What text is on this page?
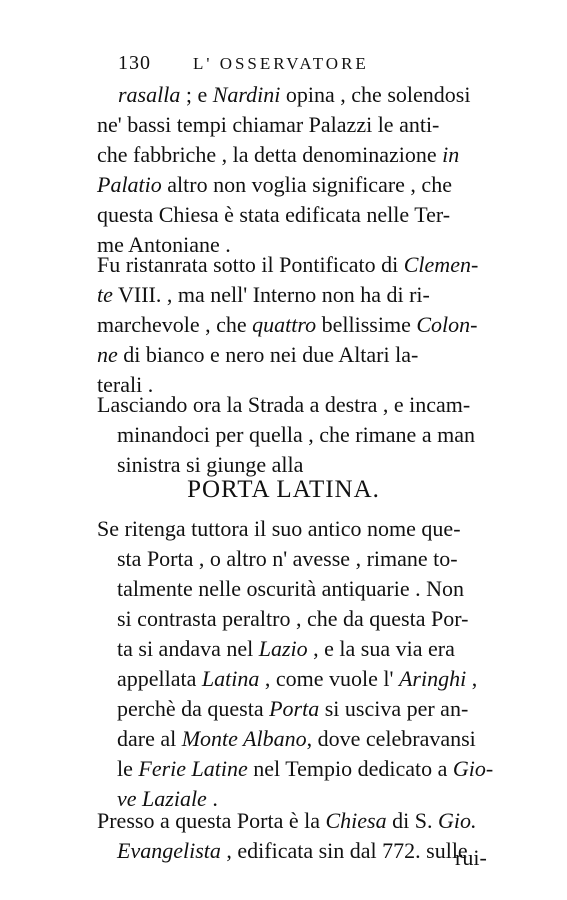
130 L' OSSERVATORE
rasalla ; e Nardini opina , che solendosi
ne' bassi tempi chiamar Palazzi le anti-
che fabbriche , la detta denominazione in
Palatio altro non voglia significare , che
questa Chiesa è stata edificata nelle Ter-
me Antoniane .
Fu ristanrata sotto il Pontificato di Clemen-
te VIII. , ma nell' Interno non ha di ri-
marchevole , che quattro bellissime Colon-
ne di bianco e nero nei due Altari la-
terali .
Lasciando ora la Strada a destra , e incam-
minandoci per quella , che rimane a man
sinistra si giunge alla
Se ritenga tuttora il suo antico nome que-
sta Porta , o altro n' avesse , rimane to-
talmente nelle oscurità antiquarie . Non
si contrasta peraltro , che da questa Por-
ta si andava nel Lazio , e la sua via era
appellata Latina , come vuole l' Aringhi ,
perchè da questa Porta si usciva per an-
dare al Monte Albano, dove celebravansi
le Ferie Latine nel Tempio dedicato a Gio-
ve Laziale .
Presso a questa Porta è la Chiesa di S. Gio.
Evangelista , edificata sin dal 772. sulle
PORTA LATINA.
rui-
